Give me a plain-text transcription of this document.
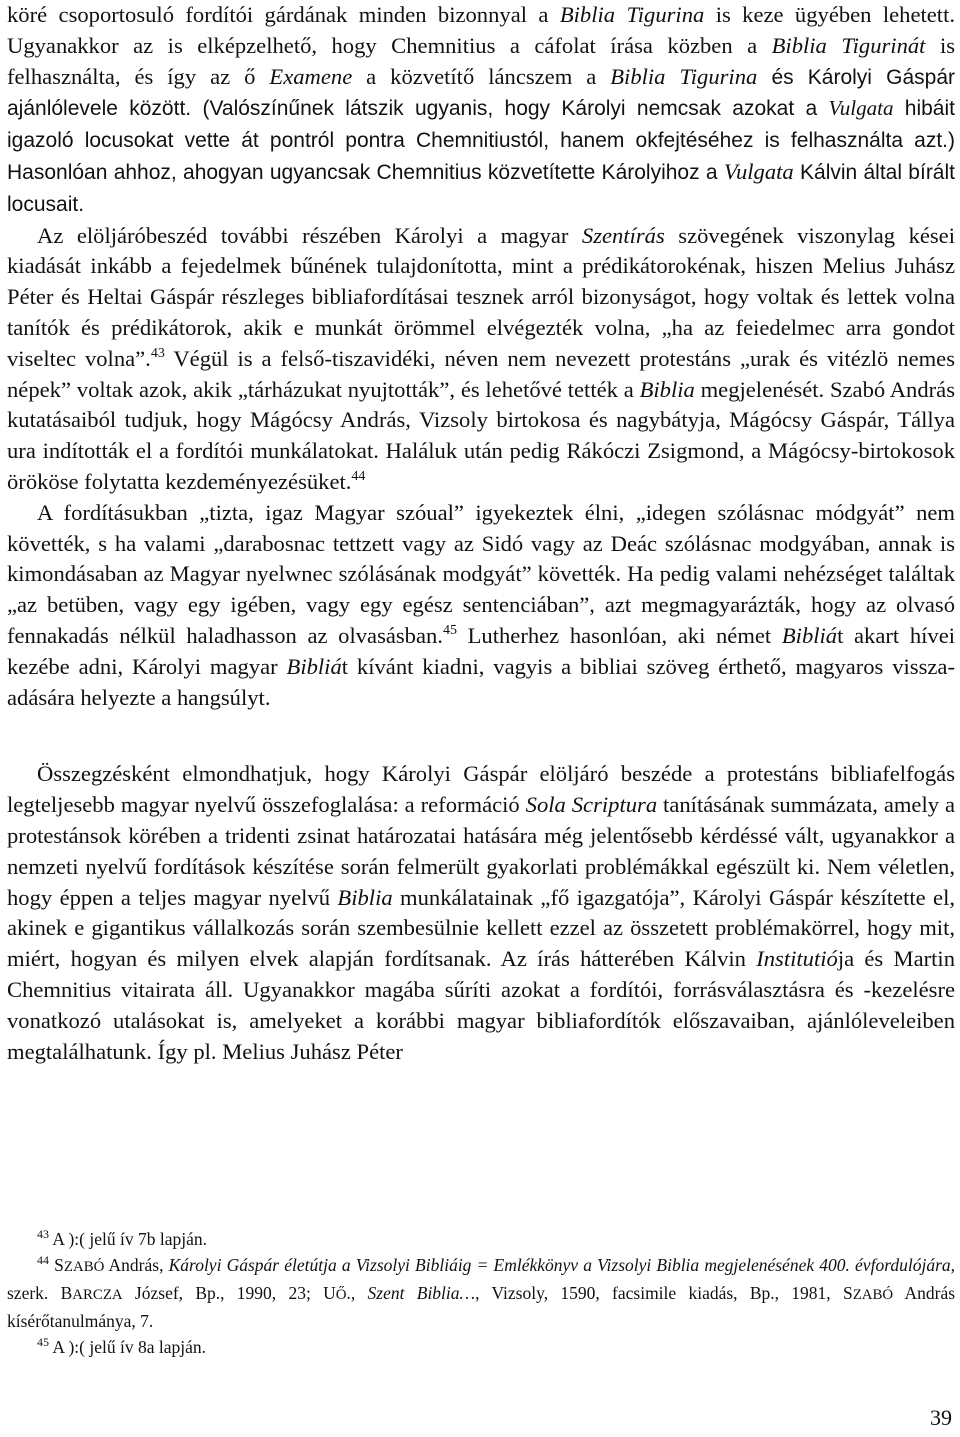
köré csoportosuló fordítói gárdának minden bizonnyal a Biblia Tigurina is keze ügyében lehetett. Ugyanakkor az is elképzelhető, hogy Chemnitius a cáfolat írása közben a Biblia Tigurinát is felhasználta, és így az ő Examene a közvetítő láncszem a Biblia Tigurina és Károlyi Gáspár ajánlólevele között. (Valószínűnek látszik ugyanis, hogy Károlyi nemcsak azokat a Vulgata hibáit igazoló locusokat vette át pontról pontra Chemnitiustól, hanem okfejtéséhez is felhasználta azt.) Hasonlóan ahhoz, ahogyan ugyancsak Chemnitius közvetítette Károlyihoz a Vulgata Kálvin által bírált locusait.

Az elöljáróbeszéd további részében Károlyi a magyar Szentírás szövegének viszonylag kései kiadását inkább a fejedelmek bűnének tulajdonította, mint a prédikátorokénak, hiszen Melius Juhász Péter és Heltai Gáspár részleges bibliafordításai tesznek arról bizonyságot, hogy voltak és lettek volna tanítók és prédikátorok, akik e munkát örömmel elvégezték volna, „ha az feiedelmec arra gondot viseltec volna”.$^{43}$ Végül is a felső-tiszavidéki, néven nem nevezett protestáns „urak és vitézlö nemes népek” voltak azok, akik „tárházukat nyujtották”, és lehetővé tették a Biblia megjelenését. Szabó András kutatásaiból tudjuk, hogy Mágócsy András, Vizsoly birtokosa és nagybátyja, Mágócsy Gáspár, Tállya ura indították el a fordítói munkálatokat. Haláluk után pedig Rákóczi Zsigmond, a Mágócsy-birtokosok örököse folytatta kezdeményezésüket.$^{44}$

A fordításukban „tizta, igaz Magyar szóual” igyekeztek élni, „idegen szólásnac módgyát” nem követték, s ha valami „darabosnac tettzett vagy az Sidó vagy az Deác szólásnac modgyában, annak is kimondásaban az Magyar nyelwnec szólásának modgyát” követték. Ha pedig valami nehézséget találtak „az betüben, vagy egy igében, vagy egy egész sentenciában”, azt megmagyarázták, hogy az olvasó fennakadás nélkül haladhasson az olvasásban.$^{45}$ Lutherhez hasonlóan, aki német Bibliát akart hívei kezébe adni, Károlyi magyar Bibliát kívánt kiadni, vagyis a bibliai szöveg érthető, magyaros visszaadására helyezte a hangsúlyt.

Összegzésként elmondhatjuk, hogy Károlyi Gáspár elöljáró beszéde a protestáns bibliafelfogás legteljesebb magyar nyelvű összefoglalása: a reformáció Sola Scriptura tanításának summázata, amely a protestánsok körében a tridenti zsinat határozatai hatására még jelentősebb kérdéssé vált, ugyanakkor a nemzeti nyelvű fordítások készítése során felmerült gyakorlati problémákkal egészült ki. Nem véletlen, hogy éppen a teljes magyar nyelvű Biblia munkálatainak „fő igazgatója”, Károlyi Gáspár készítette el, akinek e gigantikus vállalkozás során szembesülnie kellett ezzel az összetett problémakörrel, hogy mit, miért, hogyan és milyen elvek alapján fordítsanak. Az írás hátterében Kálvin Institutiója és Martin Chemnitius vitairata áll. Ugyanakkor magába sűríti azokat a fordítói, forrásválasztásra és -kezelésre vonatkozó utalásokat is, amelyeket a korábbi magyar bibliafordítók előszavaiban, ajánlóleveleiben megtalálhatunk. Így pl. Melius Juhász Péter

$^{43}$ A ):( jelű ív 7b lapján.

$^{44}$ SZABÓ András, Károlyi Gáspár életútja a Vizsolyi Bibliáig = Emlékkönyv a Vizsolyi Biblia megjelenésének 400. évfordulójára, szerk. BARCZA József, Bp., 1990, 23; UŐ., Szent Biblia…, Vizsoly, 1590, facsimile kiadás, Bp., 1981, SZABÓ András kísérőtanulmánya, 7.

$^{45}$ A ):( jelű ív 8a lapján.

39
